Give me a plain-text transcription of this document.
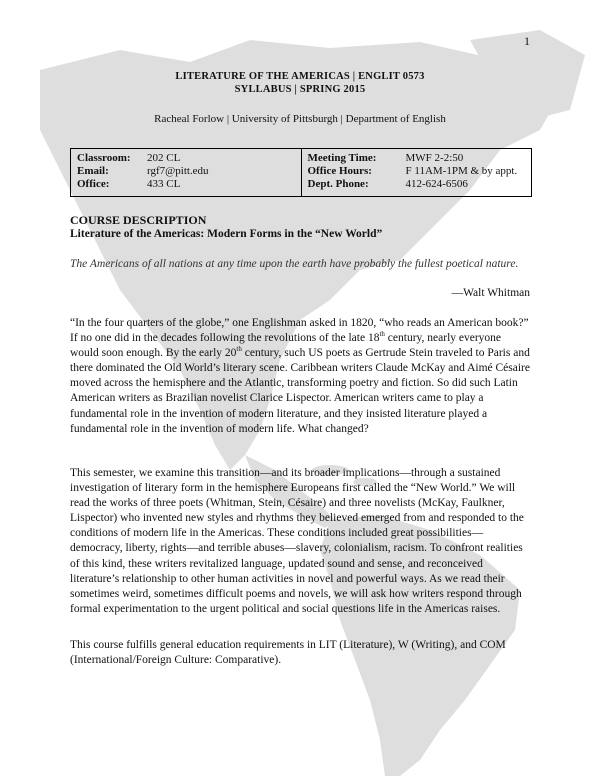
1
LITERATURE OF THE AMERICAS | ENGLIT 0573
SYLLABUS | SPRING 2015
Racheal Forlow | University of Pittsburgh | Department of English
Classroom:	202 CL
Email:	rgf7@pitt.edu
Office:	433 CL

Meeting Time:	MWF 2-2:50
Office Hours:	F 11AM-1PM & by appt.
Dept. Phone:	412-624-6506
COURSE DESCRIPTION
Literature of the Americas: Modern Forms in the “New World”
The Americans of all nations at any time upon the earth have probably the fullest poetical nature.
—Walt Whitman
“In the four quarters of the globe,” one Englishman asked in 1820, “who reads an American book?” If no one did in the decades following the revolutions of the late 18th century, nearly everyone would soon enough. By the early 20th century, such US poets as Gertrude Stein traveled to Paris and there dominated the Old World’s literary scene. Caribbean writers Claude McKay and Aimé Césaire moved across the hemisphere and the Atlantic, transforming poetry and fiction. So did such Latin American writers as Brazilian novelist Clarice Lispector. American writers came to play a fundamental role in the invention of modern literature, and they insisted literature played a fundamental role in the invention of modern life. What changed?
This semester, we examine this transition—and its broader implications—through a sustained investigation of literary form in the hemisphere Europeans first called the “New World.” We will read the works of three poets (Whitman, Stein, Césaire) and three novelists (McKay, Faulkner, Lispector) who invented new styles and rhythms they believed emerged from and responded to the conditions of modern life in the Americas. These conditions included great possibilities—democracy, liberty, rights—and terrible abuses—slavery, colonialism, racism. To confront realities of this kind, these writers revitalized language, updated sound and sense, and reconceived literature’s relationship to other human activities in novel and powerful ways. As we read their sometimes weird, sometimes difficult poems and novels, we will ask how writers respond through formal experimentation to the urgent political and social questions life in the Americas raises.
This course fulfills general education requirements in LIT (Literature), W (Writing), and COM (International/Foreign Culture: Comparative).
